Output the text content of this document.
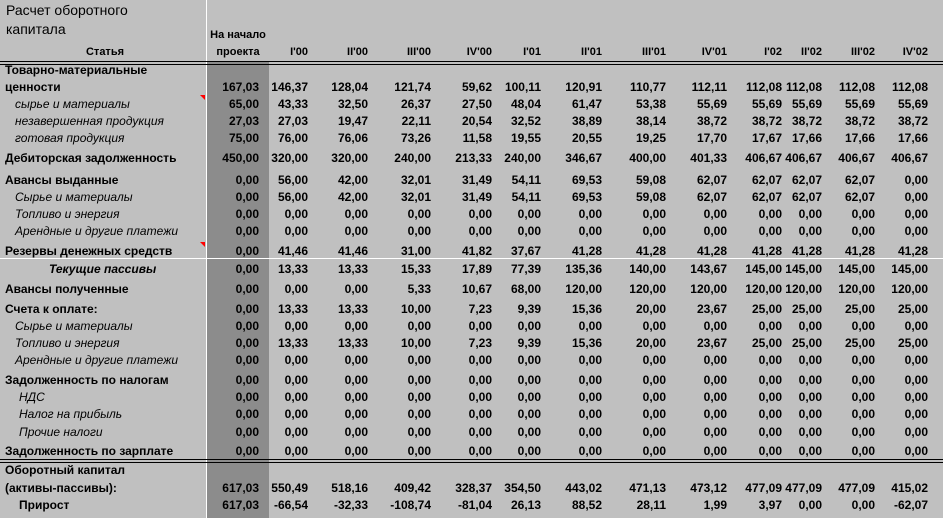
Расчет оборотного
капитала
Статья
На начало
проекта	I'00	II'00	III'00	IV'00	I'01	II'01	III'01	IV'01	I'02	II'02	III'02	IV'02
Товарно-материальные
ценности	167,03	146,37	128,04	121,74	59,62	100,11	120,91	110,77	112,11	112,08 112,08	112,08	112,08
сырье и материалы	65,00	43,33	32,50	26,37	27,50	48,04	61,47	53,38	55,69	55,69 55,69	55,69	55,69
незавершенная продукция	27,03	27,03	19,47	22,11	20,54	32,52	38,89	38,14	38,72	38,72 38,72	38,72	38,72
готовая продукция	75,00	76,00	76,06	73,26	11,58	19,55	20,55	19,25	17,70	17,67 17,66	17,66	17,66
Дебиторская задолженность	450,00	320,00	320,00	240,00	213,33	240,00	346,67	400,00	401,33	406,67 406,67	406,67	406,67
Авансы выданные	0,00	56,00	42,00	32,01	31,49	54,11	69,53	59,08	62,07	62,07 62,07	62,07	0,00
Сырье и материалы	0,00	56,00	42,00	32,01	31,49	54,11	69,53	59,08	62,07	62,07 62,07	62,07	0,00
Топливо и энергия	0,00	0,00	0,00	0,00	0,00	0,00	0,00	0,00	0,00	0,00	0,00	0,00	0,00
Арендные и другие платежи	0,00	0,00	0,00	0,00	0,00	0,00	0,00	0,00	0,00	0,00	0,00	0,00	0,00
Резервы денежных средств	0,00	41,46	41,46	31,00	41,82	37,67	41,28	41,28	41,28	41,28 41,28	41,28	41,28
Текущие пассивы	0,00	13,33	13,33	15,33	17,89	77,39	135,36	140,00	143,67	145,00 145,00	145,00	145,00
Авансы полученные	0,00	0,00	0,00	5,33	10,67	68,00	120,00	120,00	120,00	120,00 120,00	120,00	120,00
Счета к оплате:	0,00	13,33	13,33	10,00	7,23	9,39	15,36	20,00	23,67	25,00 25,00	25,00	25,00
Сырье и материалы	0,00	0,00	0,00	0,00	0,00	0,00	0,00	0,00	0,00	0,00	0,00	0,00	0,00
Топливо и энергия	0,00	13,33	13,33	10,00	7,23	9,39	15,36	20,00	23,67	25,00 25,00	25,00	25,00
Арендные и другие платежи	0,00	0,00	0,00	0,00	0,00	0,00	0,00	0,00	0,00	0,00	0,00	0,00	0,00
Задолженность по налогам	0,00	0,00	0,00	0,00	0,00	0,00	0,00	0,00	0,00	0,00	0,00	0,00	0,00
НДС	0,00	0,00	0,00	0,00	0,00	0,00	0,00	0,00	0,00	0,00	0,00	0,00	0,00
Налог на прибыль	0,00	0,00	0,00	0,00	0,00	0,00	0,00	0,00	0,00	0,00	0,00	0,00	0,00
Прочие налоги	0,00	0,00	0,00	0,00	0,00	0,00	0,00	0,00	0,00	0,00	0,00	0,00	0,00
Задолженность по зарплате	0,00	0,00	0,00	0,00	0,00	0,00	0,00	0,00	0,00	0,00	0,00	0,00	0,00
Оборотный капитал
(активы-пассивы):	617,03	550,49	518,16	409,42	328,37	354,50	443,02	471,13	473,12	477,09 477,09	477,09	415,02
Прирост	617,03	-66,54	-32,33	-108,74	-81,04	26,13	88,52	28,11	1,99	3,97	0,00	0,00	-62,07
